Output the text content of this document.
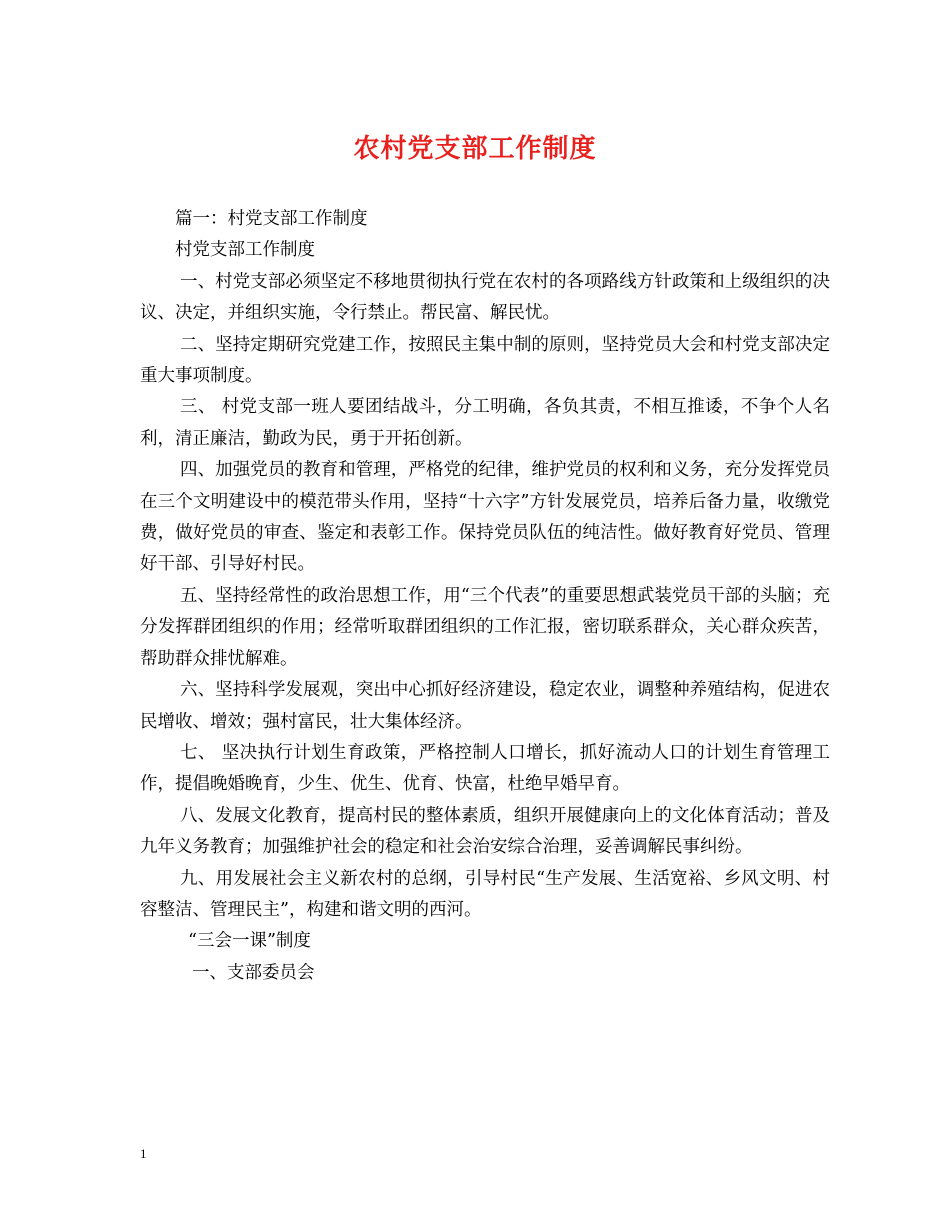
农村党支部工作制度

篇一：村党支部工作制度

村党支部工作制度

一、村党支部必须坚定不移地贯彻执行党在农村的各项路线方针政策和上级组织的决议、决定，并组织实施，令行禁止。帮民富、解民忧。

二、坚持定期研究党建工作，按照民主集中制的原则，坚持党员大会和村党支部决定重大事项制度。

三、 村党支部一班人要团结战斗，分工明确，各负其责，不相互推诿，不争个人名利，清正廉洁，勤政为民，勇于开拓创新。

四、加强党员的教育和管理，严格党的纪律，维护党员的权利和义务，充分发挥党员在三个文明建设中的模范带头作用，坚持“十六字”方针发展党员，培养后备力量，收缴党费，做好党员的审查、鉴定和表彰工作。保持党员队伍的纯洁性。做好教育好党员、管理好干部、引导好村民。

五、坚持经常性的政治思想工作，用“三个代表”的重要思想武装党员干部的头脑；充分发挥群团组织的作用；经常听取群团组织的工作汇报，密切联系群众，关心群众疾苦，帮助群众排忧解难。

六、坚持科学发展观，突出中心抓好经济建设，稳定农业，调整种养殖结构，促进农民增收、增效；强村富民，壮大集体经济。

七、 坚决执行计划生育政策，严格控制人口增长，抓好流动人口的计划生育管理工作，提倡晚婚晚育，少生、优生、优育、快富，杜绝早婚早育。

八、发展文化教育，提高村民的整体素质，组织开展健康向上的文化体育活动；普及九年义务教育；加强维护社会的稳定和社会治安综合治理，妥善调解民事纠纷。

九、用发展社会主义新农村的总纲，引导村民“生产发展、生活宽裕、乡风文明、村容整洁、管理民主”，构建和谐文明的西河。

“三会一课”制度

一、支部委员会

1
